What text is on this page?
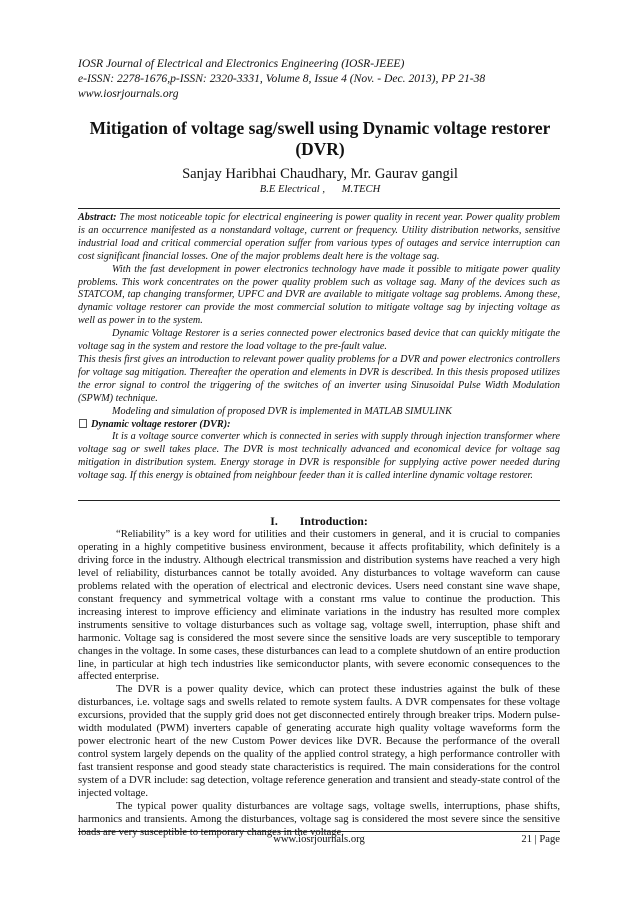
IOSR Journal of Electrical and Electronics Engineering (IOSR-JEEE)
e-ISSN: 2278-1676,p-ISSN: 2320-3331, Volume 8, Issue 4 (Nov. - Dec. 2013), PP 21-38
www.iosrjournals.org
Mitigation of voltage sag/swell using Dynamic voltage restorer (DVR)
Sanjay Haribhai Chaudhary, Mr. Gaurav gangil
B.E Electrical , M.TECH

Abstract: The most noticeable topic for electrical engineering is power quality in recent year. Power quality problem is an occurrence manifested as a nonstandard voltage, current or frequency. Utility distribution networks, sensitive industrial load and critical commercial operation suffer from various types of outages and service interruption can cost significant financial losses. One of the major problems dealt here is the voltage sag.

With the fast development in power electronics technology have made it possible to mitigate power quality problems. This work concentrates on the power quality problem such as voltage sag. Many of the devices such as STATCOM, tap changing transformer, UPFC and DVR are available to mitigate voltage sag problems. Among these, dynamic voltage restorer can provide the most commercial solution to mitigate voltage sag by injecting voltage as well as power in to the system.

Dynamic Voltage Restorer is a series connected power electronics based device that can quickly mitigate the voltage sag in the system and restore the load voltage to the pre-fault value.

This thesis first gives an introduction to relevant power quality problems for a DVR and power electronics controllers for voltage sag mitigation. Thereafter the operation and elements in DVR is described. In this thesis proposed utilizes the error signal to control the triggering of the switches of an inverter using Sinusoidal Pulse Width Modulation (SPWM) technique.

Modeling and simulation of proposed DVR is implemented in MATLAB SIMULINK

Dynamic voltage restorer (DVR):

It is a voltage source converter which is connected in series with supply through injection transformer where voltage sag or swell takes place. The DVR is most technically advanced and economical device for voltage sag mitigation in distribution system. Energy storage in DVR is responsible for supplying active power needed during voltage sag. If this energy is obtained from neighbour feeder than it is called interline dynamic voltage restorer.

I. Introduction:

“Reliability” is a key word for utilities and their customers in general, and it is crucial to companies operating in a highly competitive business environment, because it affects profitability, which definitely is a driving force in the industry. Although electrical transmission and distribution systems have reached a very high level of reliability, disturbances cannot be totally avoided. Any disturbances to voltage waveform can cause problems related with the operation of electrical and electronic devices. Users need constant sine wave shape, constant frequency and symmetrical voltage with a constant rms value to continue the production. This increasing interest to improve efficiency and eliminate variations in the industry has resulted more complex instruments sensitive to voltage disturbances such as voltage sag, voltage swell, interruption, phase shift and harmonic. Voltage sag is considered the most severe since the sensitive loads are very susceptible to temporary changes in the voltage. In some cases, these disturbances can lead to a complete shutdown of an entire production line, in particular at high tech industries like semiconductor plants, with severe economic consequences to the affected enterprise.

The DVR is a power quality device, which can protect these industries against the bulk of these disturbances, i.e. voltage sags and swells related to remote system faults. A DVR compensates for these voltage excursions, provided that the supply grid does not get disconnected entirely through breaker trips. Modern pulse-width modulated (PWM) inverters capable of generating accurate high quality voltage waveforms form the power electronic heart of the new Custom Power devices like DVR. Because the performance of the overall control system largely depends on the quality of the applied control strategy, a high performance controller with fast transient response and good steady state characteristics is required. The main considerations for the control system of a DVR include: sag detection, voltage reference generation and transient and steady-state control of the injected voltage.

The typical power quality disturbances are voltage sags, voltage swells, interruptions, phase shifts, harmonics and transients. Among the disturbances, voltage sag is considered the most severe since the sensitive loads are very susceptible to temporary changes in the voltage.

www.iosrjournals.org	21 | Page
